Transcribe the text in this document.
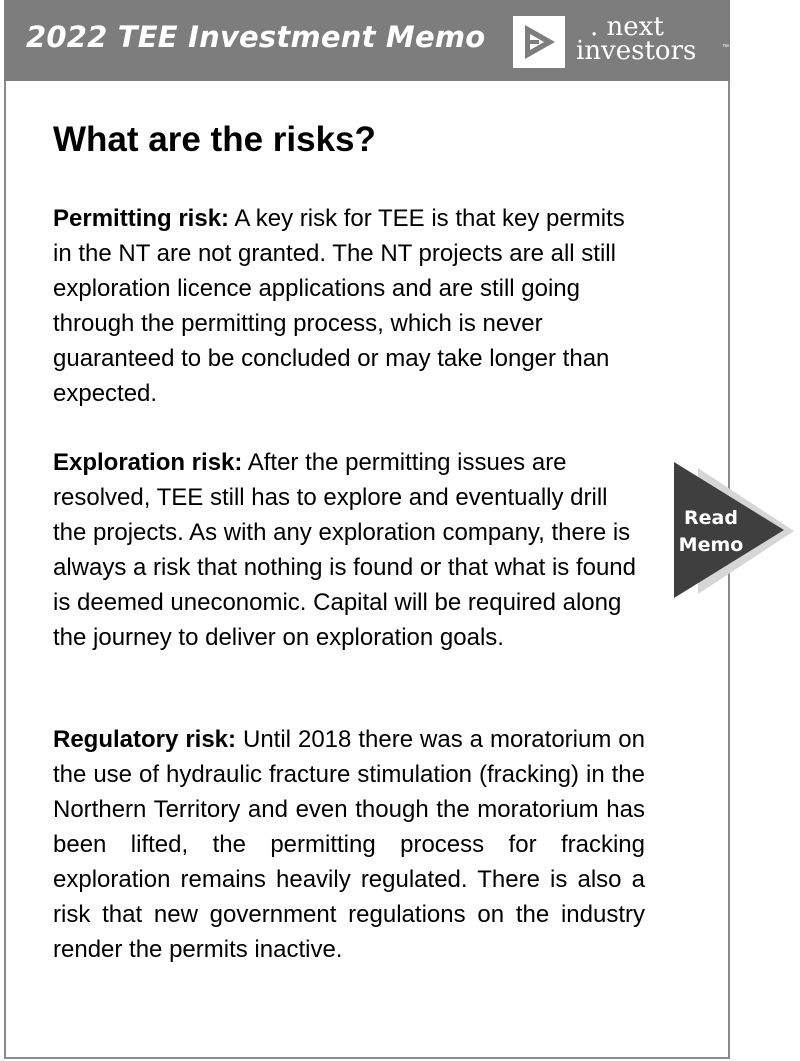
2022 TEE Investment Memo	. next
investors	™
What are the risks?

Permitting risk: A key risk for TEE is that key permits in the NT are not granted. The NT projects are all still exploration licence applications and are still going through the permitting process, which is never guaranteed to be concluded or may take longer than expected.

Exploration risk: After the permitting issues are resolved, TEE still has to explore and eventually drill the projects. As with any exploration company, there is always a risk that nothing is found or that what is found is deemed uneconomic. Capital will be required along the journey to deliver on exploration goals.

Regulatory risk: Until 2018 there was a moratorium on the use of hydraulic fracture stimulation (fracking) in the Northern Territory and even though the moratorium has been lifted, the permitting process for fracking exploration remains heavily regulated. There is also a risk that new government regulations on the industry render the permits inactive.

Read
Memo
